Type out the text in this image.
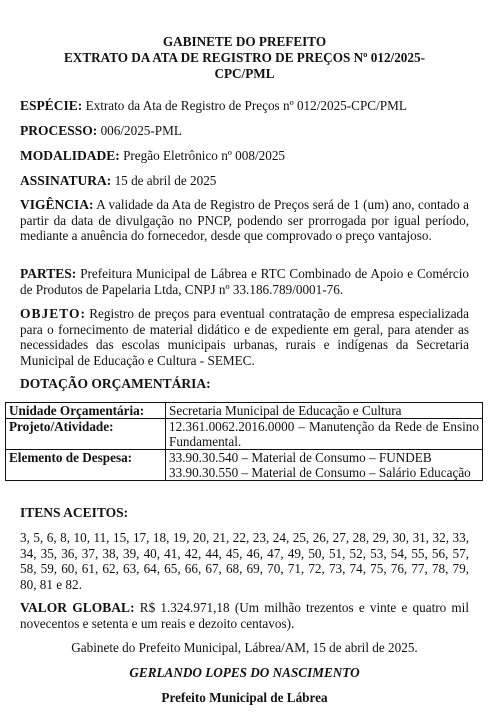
GABINETE DO PREFEITO
EXTRATO DA ATA DE REGISTRO DE PREÇOS Nº 012/2025-
CPC/PML
ESPÉCIE: Extrato da Ata de Registro de Preços nº 012/2025-CPC/PML
PROCESSO: 006/2025-PML
MODALIDADE: Pregão Eletrônico nº 008/2025
ASSINATURA: 15 de abril de 2025
VIGÊNCIA: A validade da Ata de Registro de Preços será de 1 (um) ano, contado a partir da data de divulgação no PNCP, podendo ser prorrogada por igual período, mediante a anuência do fornecedor, desde que comprovado o preço vantajoso.
PARTES: Prefeitura Municipal de Lábrea e RTC Combinado de Apoio e Comércio de Produtos de Papelaria Ltda, CNPJ nº 33.186.789/0001-76.
OBJETO: Registro de preços para eventual contratação de empresa especializada para o fornecimento de material didático e de expediente em geral, para atender as necessidades das escolas municipais urbanas, rurais e indígenas da Secretaria Municipal de Educação e Cultura - SEMEC.
DOTAÇÃO ORÇAMENTÁRIA:
Unidade Orçamentária:	Secretaria Municipal de Educação e Cultura
Projeto/Atividade:	12.361.0062.2016.0000 – Manutenção da Rede de Ensino Fundamental.
Elemento de Despesa:	33.90.30.540 – Material de Consumo – FUNDEB
33.90.30.550 – Material de Consumo – Salário Educação
ITENS ACEITOS:
3, 5, 6, 8, 10, 11, 15, 17, 18, 19, 20, 21, 22, 23, 24, 25, 26, 27, 28, 29, 30, 31, 32, 33, 34, 35, 36, 37, 38, 39, 40, 41, 42, 44, 45, 46, 47, 49, 50, 51, 52, 53, 54, 55, 56, 57, 58, 59, 60, 61, 62, 63, 64, 65, 66, 67, 68, 69, 70, 71, 72, 73, 74, 75, 76, 77, 78, 79, 80, 81 e 82.
VALOR GLOBAL: R$ 1.324.971,18 (Um milhão trezentos e vinte e quatro mil novecentos e setenta e um reais e dezoito centavos).
Gabinete do Prefeito Municipal, Lábrea/AM, 15 de abril de 2025.
GERLANDO LOPES DO NASCIMENTO
Prefeito Municipal de Lábrea
